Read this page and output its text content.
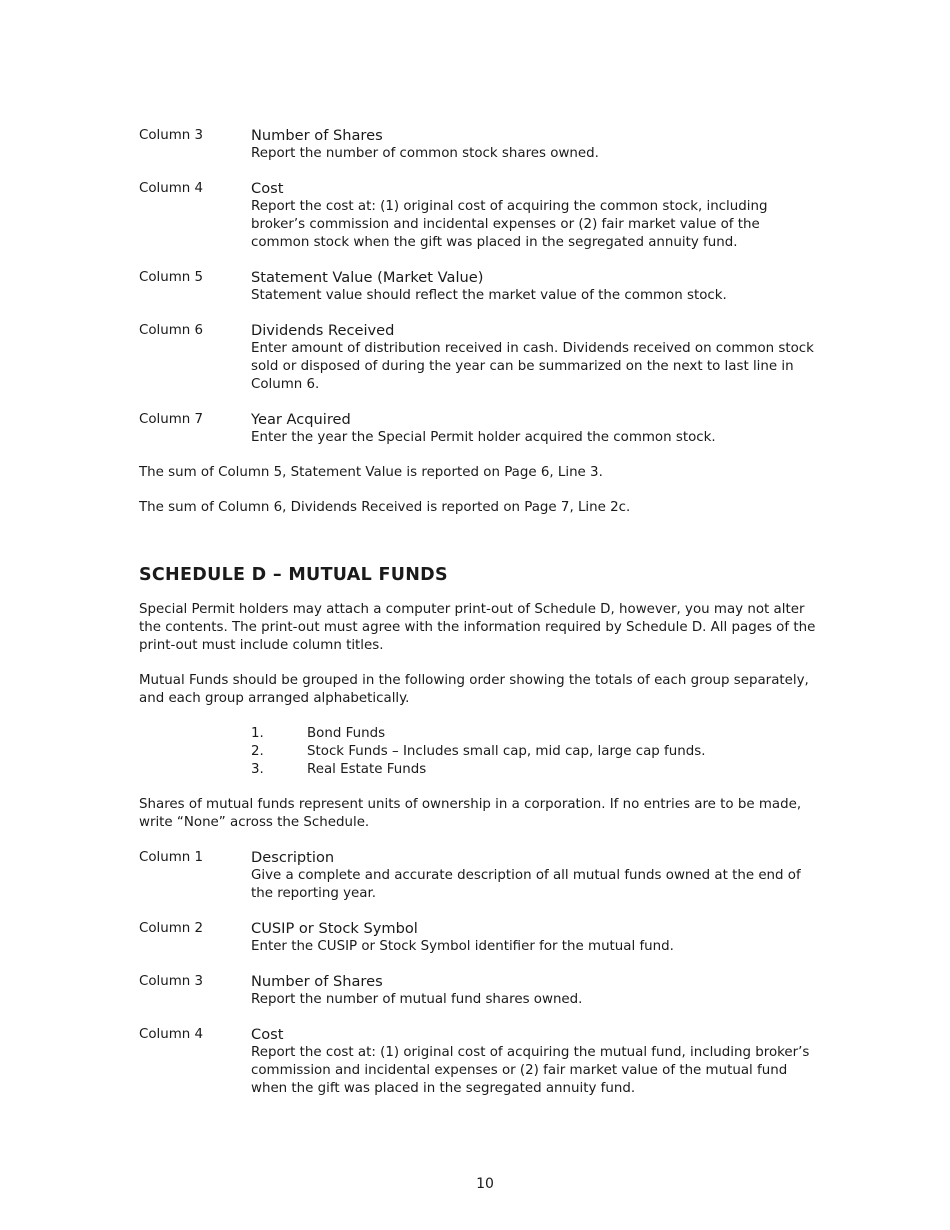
Column 3	Number of Shares
Report the number of common stock shares owned.
Column 4	Cost
Report the cost at: (1) original cost of acquiring the common stock, including
broker’s commission and incidental expenses or (2) fair market value of the
common stock when the gift was placed in the segregated annuity fund.
Column 5	Statement Value (Market Value)
Statement value should reflect the market value of the common stock.
Column 6	Dividends Received
Enter amount of distribution received in cash. Dividends received on common stock
sold or disposed of during the year can be summarized on the next to last line in
Column 6.
Column 7	Year Acquired
Enter the year the Special Permit holder acquired the common stock.

The sum of Column 5, Statement Value is reported on Page 6, Line 3.

The sum of Column 6, Dividends Received is reported on Page 7, Line 2c.

SCHEDULE D – MUTUAL FUNDS
Special Permit holders may attach a computer print-out of Schedule D, however, you may not alter
the contents. The print-out must agree with the information required by Schedule D. All pages of the
print-out must include column titles.
Mutual Funds should be grouped in the following order showing the totals of each group separately,
and each group arranged alphabetically.
1.	Bond Funds
2.	Stock Funds – Includes small cap, mid cap, large cap funds.
3.	Real Estate Funds
Shares of mutual funds represent units of ownership in a corporation. If no entries are to be made,
write “None” across the Schedule.
Column 1	Description
Give a complete and accurate description of all mutual funds owned at the end of
the reporting year.
Column 2	CUSIP or Stock Symbol
Enter the CUSIP or Stock Symbol identifier for the mutual fund.
Column 3	Number of Shares
Report the number of mutual fund shares owned.
Column 4	Cost
Report the cost at: (1) original cost of acquiring the mutual fund, including broker’s
commission and incidental expenses or (2) fair market value of the mutual fund
when the gift was placed in the segregated annuity fund.
10
